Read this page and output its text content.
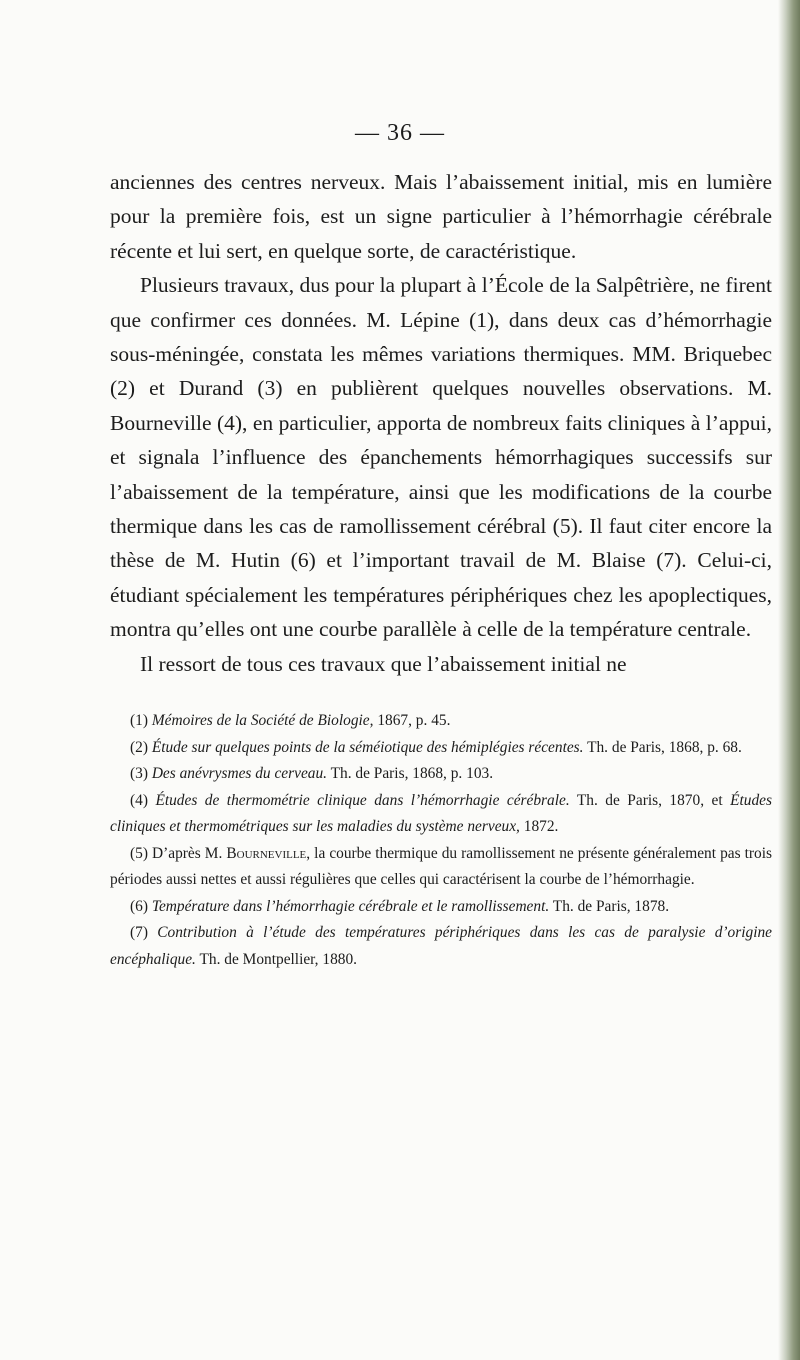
— 36 —

anciennes des centres nerveux. Mais l’abaissement initial, mis en lumière pour la première fois, est un signe particulier à l’hémorrhagie cérébrale récente et lui sert, en quelque sorte, de caractéristique.

Plusieurs travaux, dus pour la plupart à l’École de la Salpêtrière, ne firent que confirmer ces données. M. Lépine (1), dans deux cas d’hémorrhagie sous-méningée, constata les mêmes variations thermiques. MM. Briquebec (2) et Durand (3) en publièrent quelques nouvelles observations. M. Bourneville (4), en particulier, apporta de nombreux faits cliniques à l’appui, et signala l’influence des épanchements hémorrhagiques successifs sur l’abaissement de la température, ainsi que les modifications de la courbe thermique dans les cas de ramollissement cérébral (5). Il faut citer encore la thèse de M. Hutin (6) et l’important travail de M. Blaise (7). Celui-ci, étudiant spécialement les températures périphériques chez les apoplectiques, montra qu’elles ont une courbe parallèle à celle de la température centrale.

Il ressort de tous ces travaux que l’abaissement initial ne

(1) Mémoires de la Société de Biologie, 1867, p. 45.

(2) Étude sur quelques points de la séméiotique des hémiplégies récentes. Th. de Paris, 1868, p. 68.

(3) Des anévrysmes du cerveau. Th. de Paris, 1868, p. 103.

(4) Études de thermométrie clinique dans l’hémorrhagie cérébrale. Th. de Paris, 1870, et Études cliniques et thermométriques sur les maladies du système nerveux, 1872.

(5) D’après M. Bourneville, la courbe thermique du ramollissement ne présente généralement pas trois périodes aussi nettes et aussi régulières que celles qui caractérisent la courbe de l’hémorrhagie.

(6) Température dans l’hémorrhagie cérébrale et le ramollissement. Th. de Paris, 1878.

(7) Contribution à l’étude des températures périphériques dans les cas de paralysie d’origine encéphalique. Th. de Montpellier, 1880.
